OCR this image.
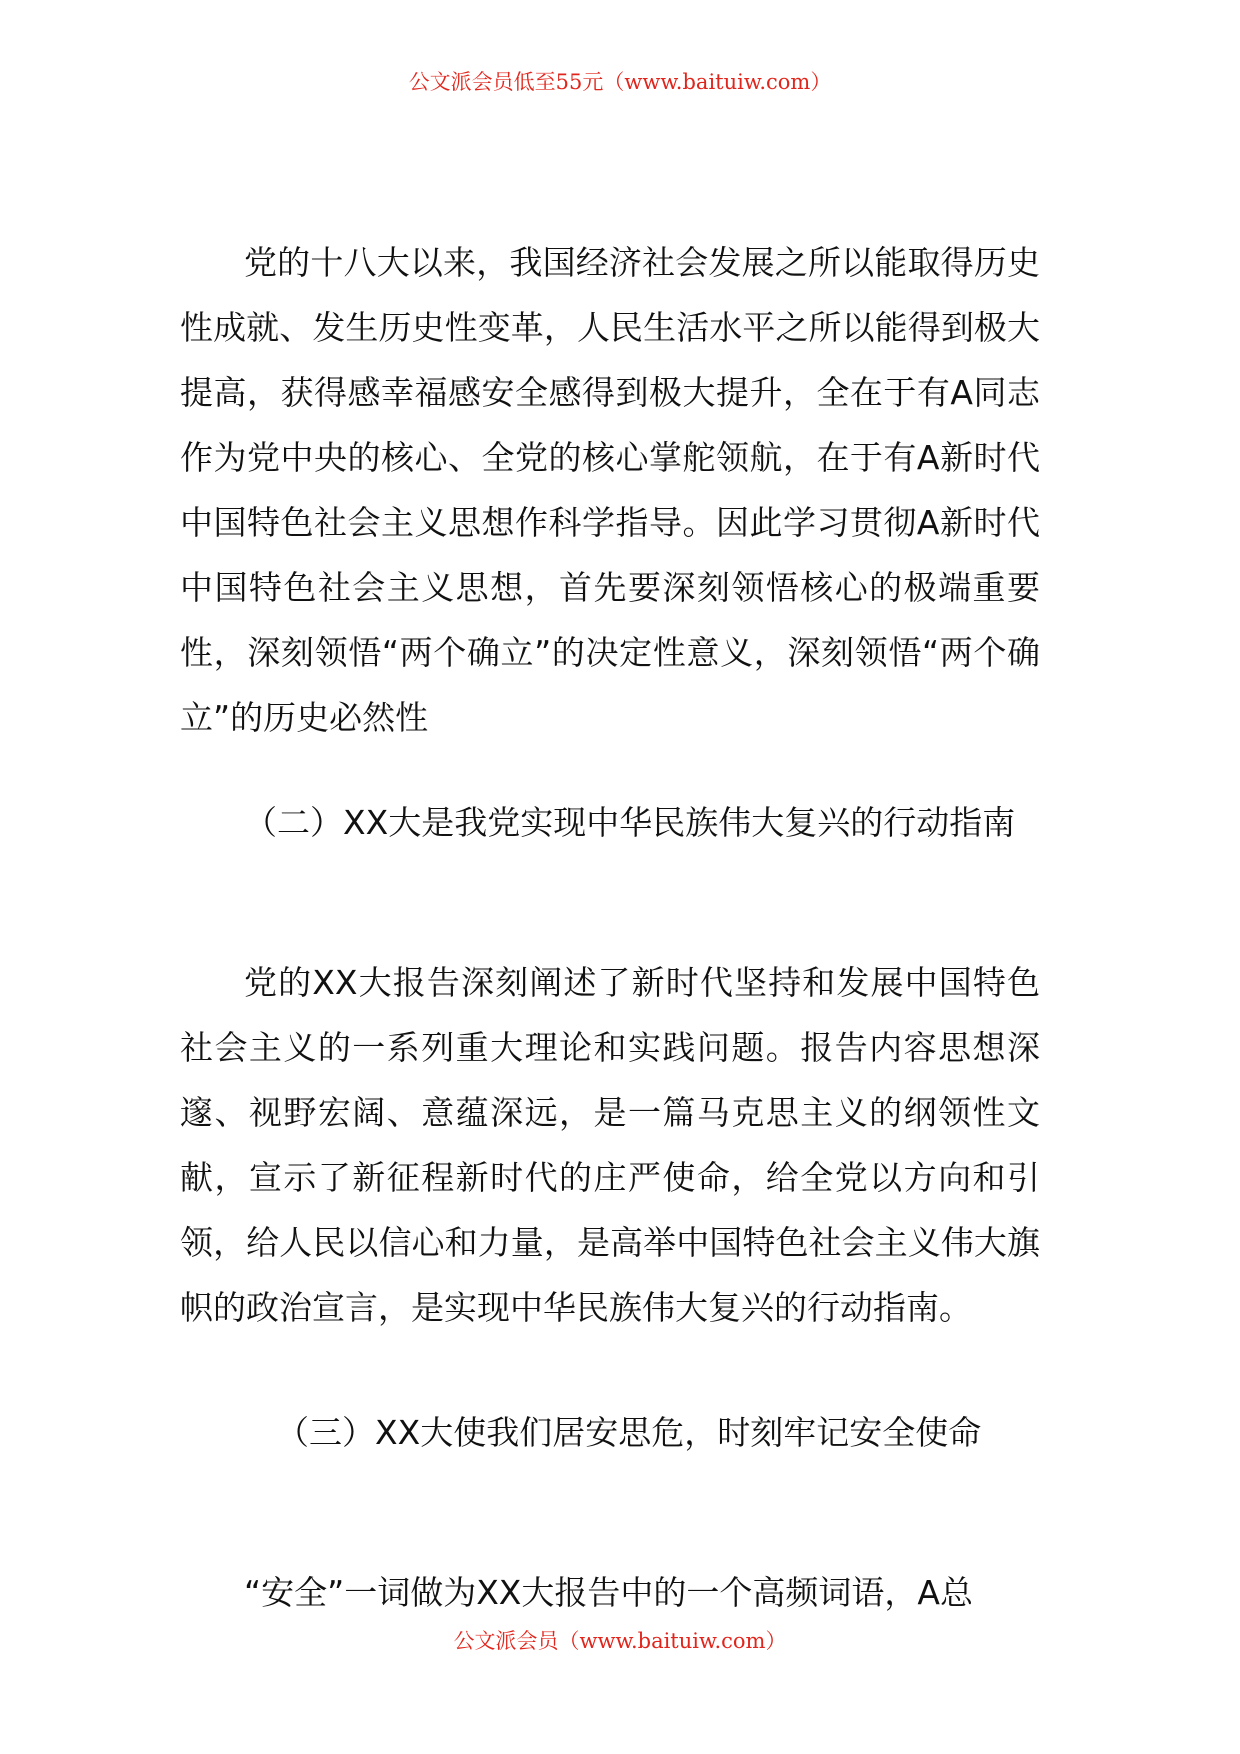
公文派会员低至55元（www.baituiw.com）

党的十八大以来，我国经济社会发展之所以能取得历史性成就、发生历史性变革，人民生活水平之所以能得到极大提高，获得感幸福感安全感得到极大提升，全在于有A同志作为党中央的核心、全党的核心掌舵领航，在于有A新时代中国特色社会主义思想作科学指导。因此学习贯彻A新时代中国特色社会主义思想，首先要深刻领悟核心的极端重要性，深刻领悟“两个确立”的决定性意义，深刻领悟“两个确立”的历史必然性

（二）XX大是我党实现中华民族伟大复兴的行动指南

党的XX大报告深刻阐述了新时代坚持和发展中国特色社会主义的一系列重大理论和实践问题。报告内容思想深邃、视野宏阔、意蕴深远，是一篇马克思主义的纲领性文献，宣示了新征程新时代的庄严使命，给全党以方向和引领，给人民以信心和力量，是高举中国特色社会主义伟大旗帜的政治宣言，是实现中华民族伟大复兴的行动指南。

（三）XX大使我们居安思危，时刻牢记安全使命

“安全”一词做为XX大报告中的一个高频词语，A总

公文派会员（www.baituiw.com）
